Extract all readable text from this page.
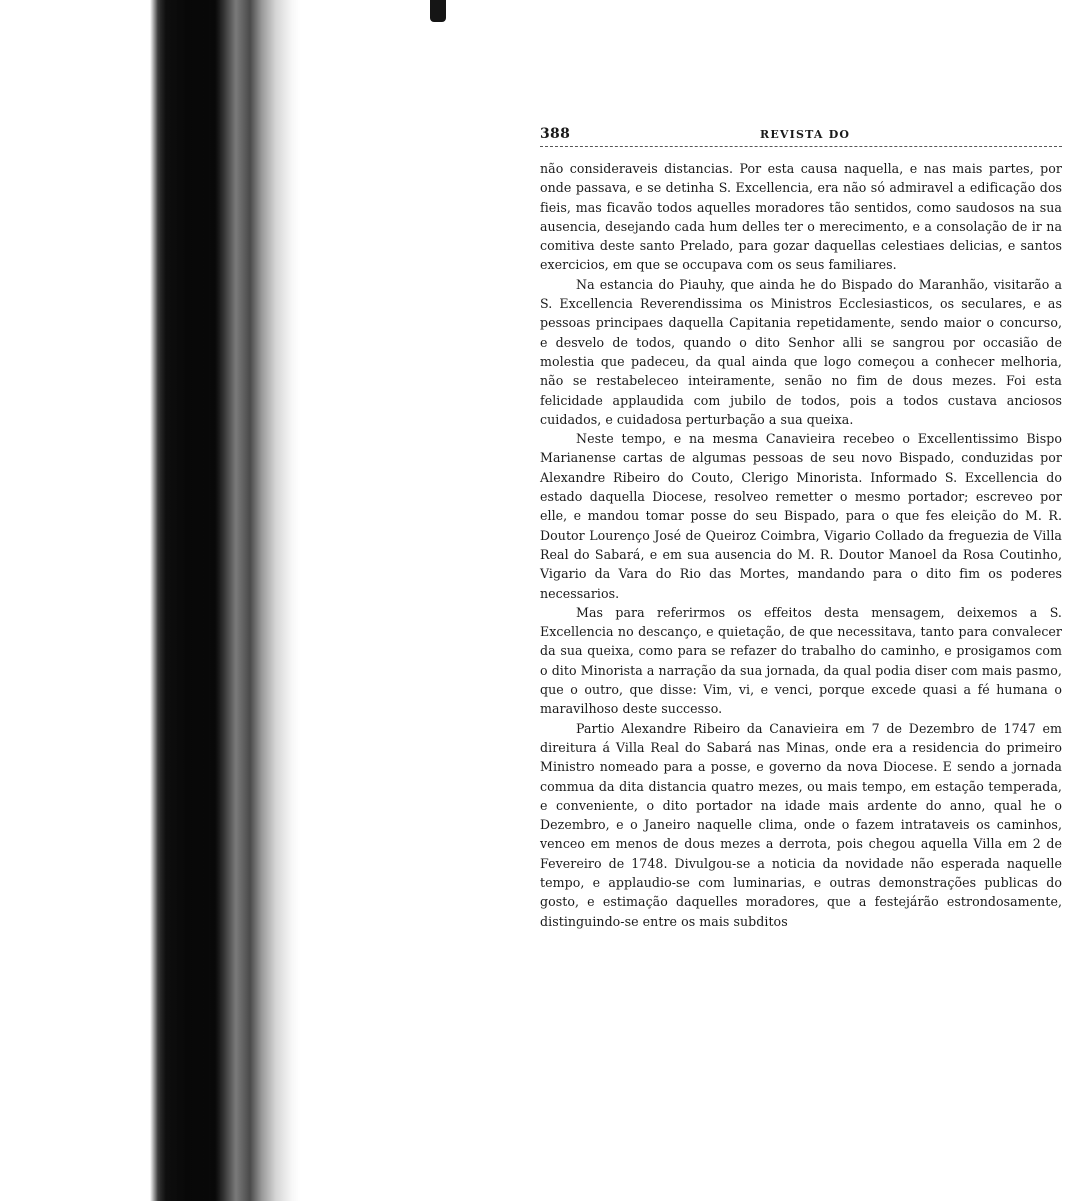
388	REVISTA DO

não consideraveis distancias. Por esta causa naquella, e nas mais partes, por onde passava, e se detinha S. Excellencia, era não só admiravel a edificação dos fieis, mas ficavão todos aquelles moradores tão sentidos, como saudosos na sua ausencia, desejando cada hum delles ter o merecimento, e a consolação de ir na comitiva deste santo Prelado, para gozar daquellas celestiaes delicias, e santos exercicios, em que se occupava com os seus familiares.

Na estancia do Piauhy, que ainda he do Bispado do Maranhão, visitarão a S. Excellencia Reverendissima os Ministros Ecclesiasticos, os seculares, e as pessoas principaes daquella Capitania repetidamente, sendo maior o concurso, e desvelo de todos, quando o dito Senhor alli se sangrou por occasião de molestia que padeceu, da qual ainda que logo começou a conhecer melhoria, não se restabeleceo inteiramente, senão no fim de dous mezes. Foi esta felicidade applaudida com jubilo de todos, pois a todos custava anciosos cuidados, e cuidadosa perturbação a sua queixa.

Neste tempo, e na mesma Canavieira recebeo o Excellentissimo Bispo Marianense cartas de algumas pessoas de seu novo Bispado, conduzidas por Alexandre Ribeiro do Couto, Clerigo Minorista. Informado S. Excellencia do estado daquella Diocese, resolveo remetter o mesmo portador; escreveo por elle, e mandou tomar posse do seu Bispado, para o que fes eleição do M. R. Doutor Lourenço José de Queiroz Coimbra, Vigario Collado da freguezia de Villa Real do Sabará, e em sua ausencia do M. R. Doutor Manoel da Rosa Coutinho, Vigario da Vara do Rio das Mortes, mandando para o dito fim os poderes necessarios.

Mas para referirmos os effeitos desta mensagem, deixemos a S. Excellencia no descanço, e quietação, de que necessitava, tanto para convalecer da sua queixa, como para se refazer do trabalho do caminho, e prosigamos com o dito Minorista a narração da sua jornada, da qual podia diser com mais pasmo, que o outro, que disse: Vim, vi, e venci, porque excede quasi a fé humana o maravilhoso deste successo.

Partio Alexandre Ribeiro da Canavieira em 7 de Dezembro de 1747 em direitura á Villa Real do Sabará nas Minas, onde era a residencia do primeiro Ministro nomeado para a posse, e governo da nova Diocese. E sendo a jornada commua da dita distancia quatro mezes, ou mais tempo, em estação temperada, e conveniente, o dito portador na idade mais ardente do anno, qual he o Dezembro, e o Janeiro naquelle clima, onde o fazem intrataveis os caminhos, venceo em menos de dous mezes a derrota, pois chegou aquella Villa em 2 de Fevereiro de 1748. Divulgou-se a noticia da novidade não esperada naquelle tempo, e applaudio-se com luminarias, e outras demonstrações publicas do gosto, e estimação daquelles moradores, que a festejárão estrondosamente, distinguindo-se entre os mais subditos
